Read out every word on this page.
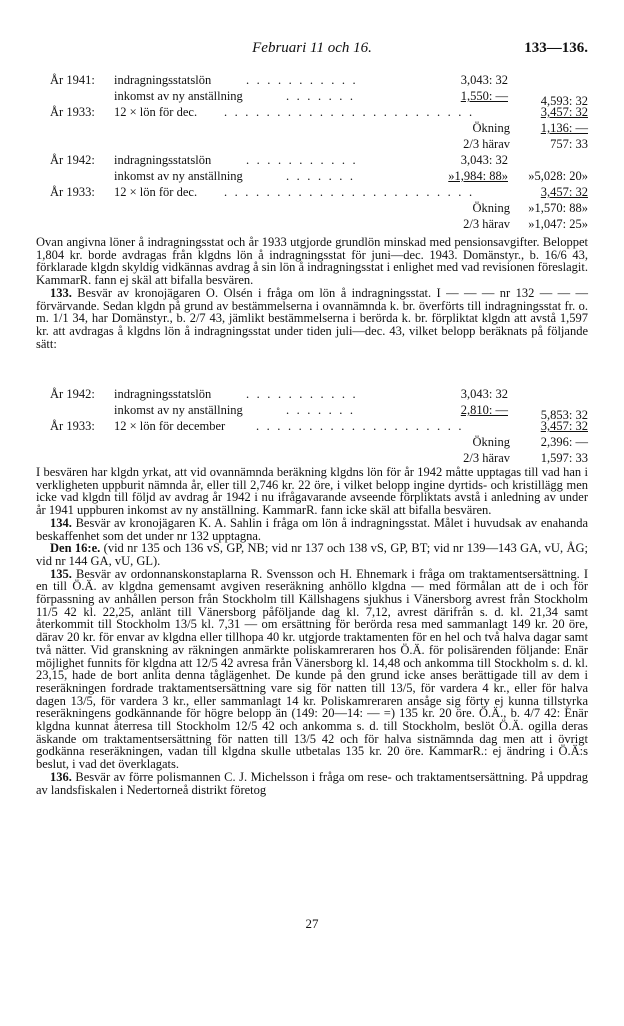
Februari 11 och 16.	133—136.
År 1941: indragningsstatslön	. . . . . . . . . . .	3,043: 32
inkomst av ny anställning	. . . . . . .	1,550: —	4,593: 32
År 1933: 12 × lön för dec. . . . . . . . . . . . . . . . . . . . . . . . .	3,457: 32
Ökning 1,136: —
2/3 härav	757: 33
År 1942: indragningsstatslön	. . . . . . . . . . .	3,043: 32
inkomst av ny anställning	. . . . . . .	»1,984: 88» »5,028: 20»
År 1933: 12 × lön för dec. . . . . . . . . . . . . . . . . . . . . . . . .	3,457: 32
Ökning »1,570: 88»
2/3 härav »1,047: 25»

Ovan angivna löner å indragningsstat och år 1933 utgjorde grundlön minskad med pensionsavgifter. Beloppet 1,804 kr. borde avdragas från klgdns lön å indragningsstat för juni—dec. 1943. Domänstyr., b. 16/6 43, förklarade klgdn skyldig vidkännas avdrag å sin lön å indragningsstat i enlighet med vad revisionen föreslagit. KammarR. fann ej skäl att bifalla besvären.

133. Besvär av kronojägaren O. Olsén i fråga om lön å indragningsstat. I — — — nr 132 — — — förvärvande. Sedan klgdn på grund av bestämmelserna i ovannämnda k. br. överförts till indragningsstat fr. o. m. 1/1 34, har Domänstyr., b. 2/7 43, jämlikt bestämmelserna i berörda k. br. förpliktat klgdn att avstå 1,597 kr. att avdragas å klgdns lön å indragningsstat under tiden juli—dec. 43, vilket belopp beräknats på följande sätt:

År 1942: indragningsstatslön	. . . . . . . . . . .	3,043: 32
inkomst av ny anställning	. . . . . . .	2,810: —	5,853: 32
År 1933: 12 × lön för december . . . . . . . . . . . . . . . . . . . .	3,457: 32
Ökning 2,396: —
2/3 härav 1,597: 33

I besvären har klgdn yrkat, att vid ovannämnda beräkning klgdns lön för år 1942 måtte upptagas till vad han i verkligheten uppburit nämnda år, eller till 2,746 kr. 22 öre, i vilket belopp ingine dyrtids- och kristillägg men icke vad klgdn till följd av avdrag år 1942 i nu ifrågavarande avseende förpliktats avstå i anledning av under år 1941 uppburen inkomst av ny anställning. KammarR. fann icke skäl att bifalla besvären.

134. Besvär av kronojägaren K. A. Sahlin i fråga om lön å indragningsstat. Målet i huvudsak av enahanda beskaffenhet som det under nr 132 upptagna.

Den 16:e. (vid nr 135 och 136 vS, GP, NB; vid nr 137 och 138 vS, GP, BT; vid nr 139—143 GA, vU, ÅG; vid nr 144 GA, vU, GL).

135. Besvär av ordonnanskonstaplarna R. Svensson och H. Ehnemark i fråga om traktamentsersättning. I en till Ö.Ä. av klgdna gemensamt avgiven reseräkning anhöllo klgdna — med förmålan att de i och för förpassning av anhållen person från Stockholm till Källshagens sjukhus i Vänersborg avrest från Stockholm 11/5 42 kl. 22,25, anlänt till Vänersborg påföljande dag kl. 7,12, avrest därifrån s. d. kl. 21,34 samt återkommit till Stockholm 13/5 kl. 7,31 — om ersättning för berörda resa med sammanlagt 149 kr. 20 öre, därav 20 kr. för envar av klgdna eller tillhopa 40 kr. utgjorde traktamenten för en hel och två halva dagar samt två nätter. Vid granskning av räkningen anmärkte poliskamreraren hos Ö.Ä. för polisärenden följande: Enär möjlighet funnits för klgdna att 12/5 42 avresa från Vänersborg kl. 14,48 och ankomma till Stockholm s. d. kl. 23,15, hade de bort anlita denna tåglägenhet. De kunde på den grund icke anses berättigade till av dem i reseräkningen fordrade traktamentsersättning vare sig för natten till 13/5, för vardera 4 kr., eller för halva dagen 13/5, för vardera 3 kr., eller sammanlagt 14 kr. Poliskamreraren ansåge sig förty ej kunna tillstyrka reseräkningens godkännande för högre belopp än (149: 20—14: — =) 135 kr. 20 öre. Ö.Ä., b. 4/7 42: Enär klgdna kunnat återresa till Stockholm 12/5 42 och ankomma s. d. till Stockholm, beslöt Ö.Ä. ogilla deras äskande om traktamentsersättning för natten till 13/5 42 och för halva sistnämnda dag men att i övrigt godkänna reseräkningen, vadan till klgdna skulle utbetalas 135 kr. 20 öre. KammarR.: ej ändring i Ö.Ä:s beslut, i vad det överklagats.

136. Besvär av förre polismannen C. J. Michelsson i fråga om rese- och traktamentsersättning. På uppdrag av landsfiskalen i Nedertorneå distrikt företog

27
